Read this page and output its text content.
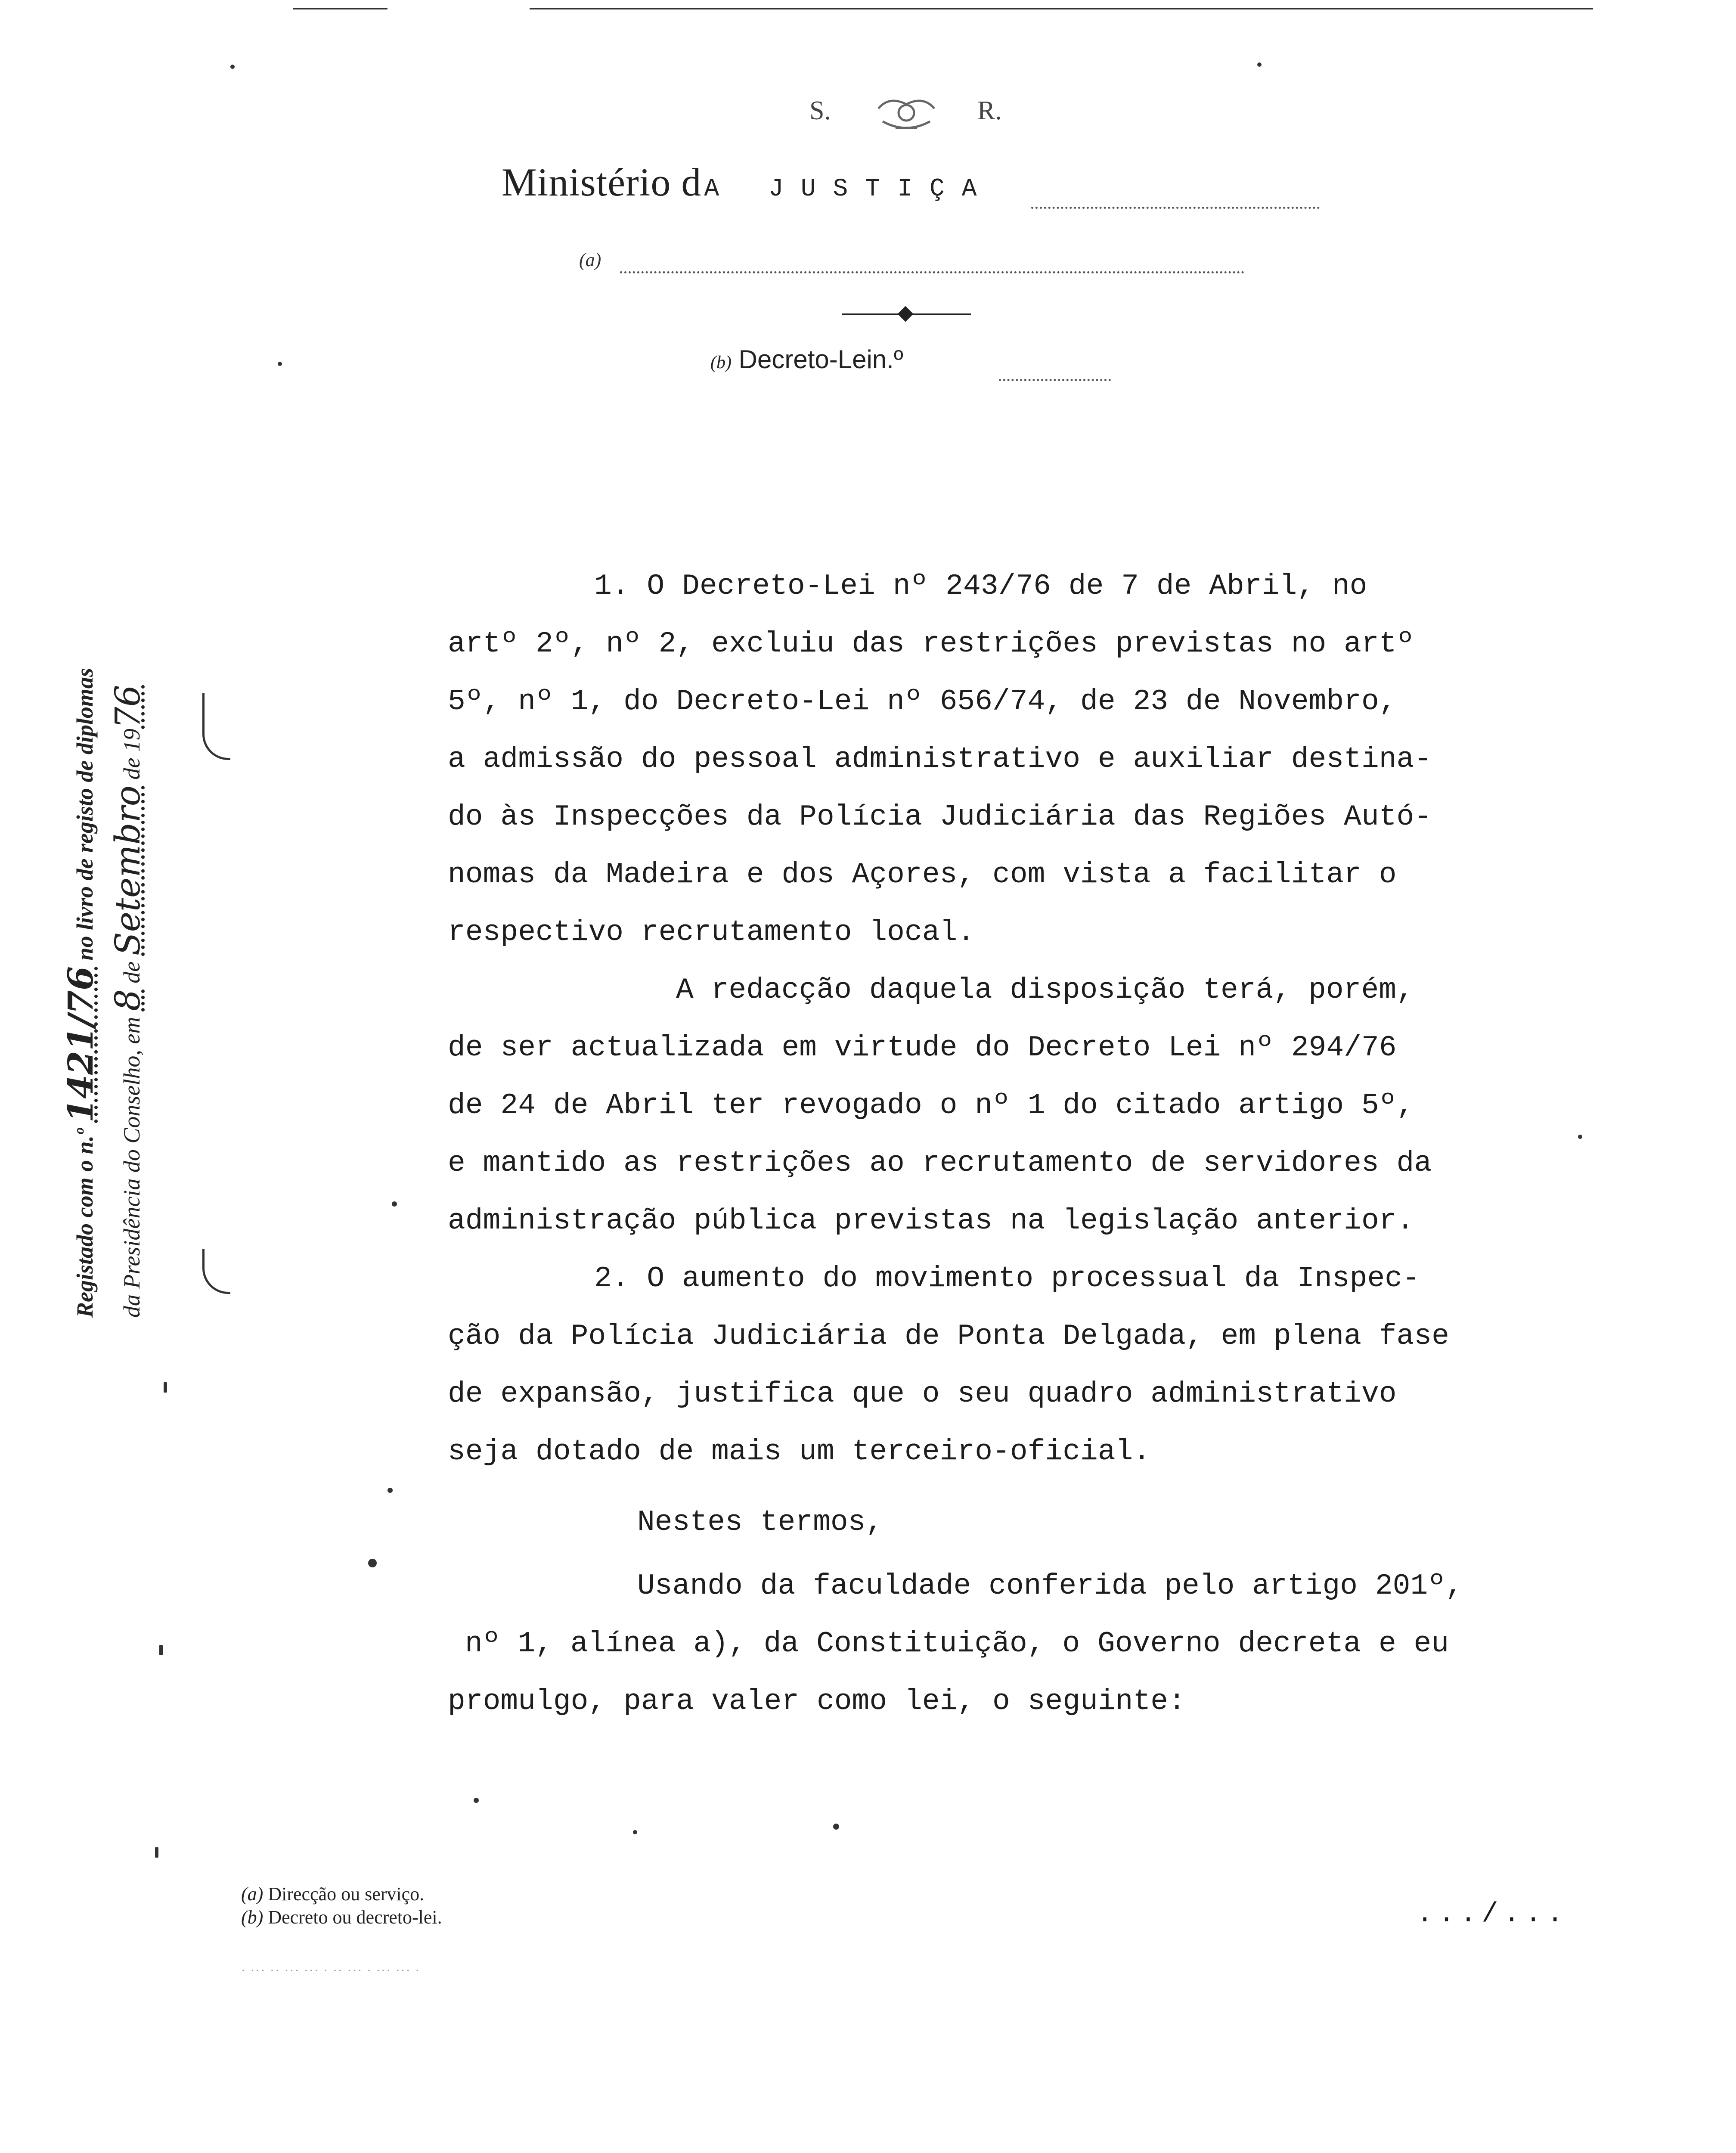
S.	R.
Ministério d A JUSTIÇA
(a)
(b) Decreto-Lein.º
Registado com o n.º 1421/76 no livro de registo de diplomas
da Presidência do Conselho, em 8 de Setembro de 1976

1. O Decreto-Lei nº 243/76 de 7 de Abril, no

artº 2º, nº 2, excluiu das restrições previstas no artº

5º, nº 1, do Decreto-Lei nº 656/74, de 23 de Novembro,

a admissão do pessoal administrativo e auxiliar destina-

do às Inspecções da Polícia Judiciária das Regiões Autó-

nomas da Madeira e dos Açores, com vista a facilitar o

respectivo recrutamento local.

A redacção daquela disposição terá, porém,

de ser actualizada em virtude do Decreto Lei nº 294/76

de 24 de Abril ter revogado o nº 1 do citado artigo 5º,

e mantido as restrições ao recrutamento de servidores da

administração pública previstas na legislação anterior.

2. O aumento do movimento processual da Inspec-

ção da Polícia Judiciária de Ponta Delgada, em plena fase

de expansão, justifica que o seu quadro administrativo

seja dotado de mais um terceiro-oficial.

Nestes termos,

Usando da faculdade conferida pelo artigo 201º,

nº 1, alínea a), da Constituição, o Governo decreta e eu

promulgo, para valer como lei, o seguinte:

(a) Direcção ou serviço.
(b) Decreto ou decreto-lei.	.../...
· ··· ·· ··· ··· · ·· ··· · ··· ··· ·
